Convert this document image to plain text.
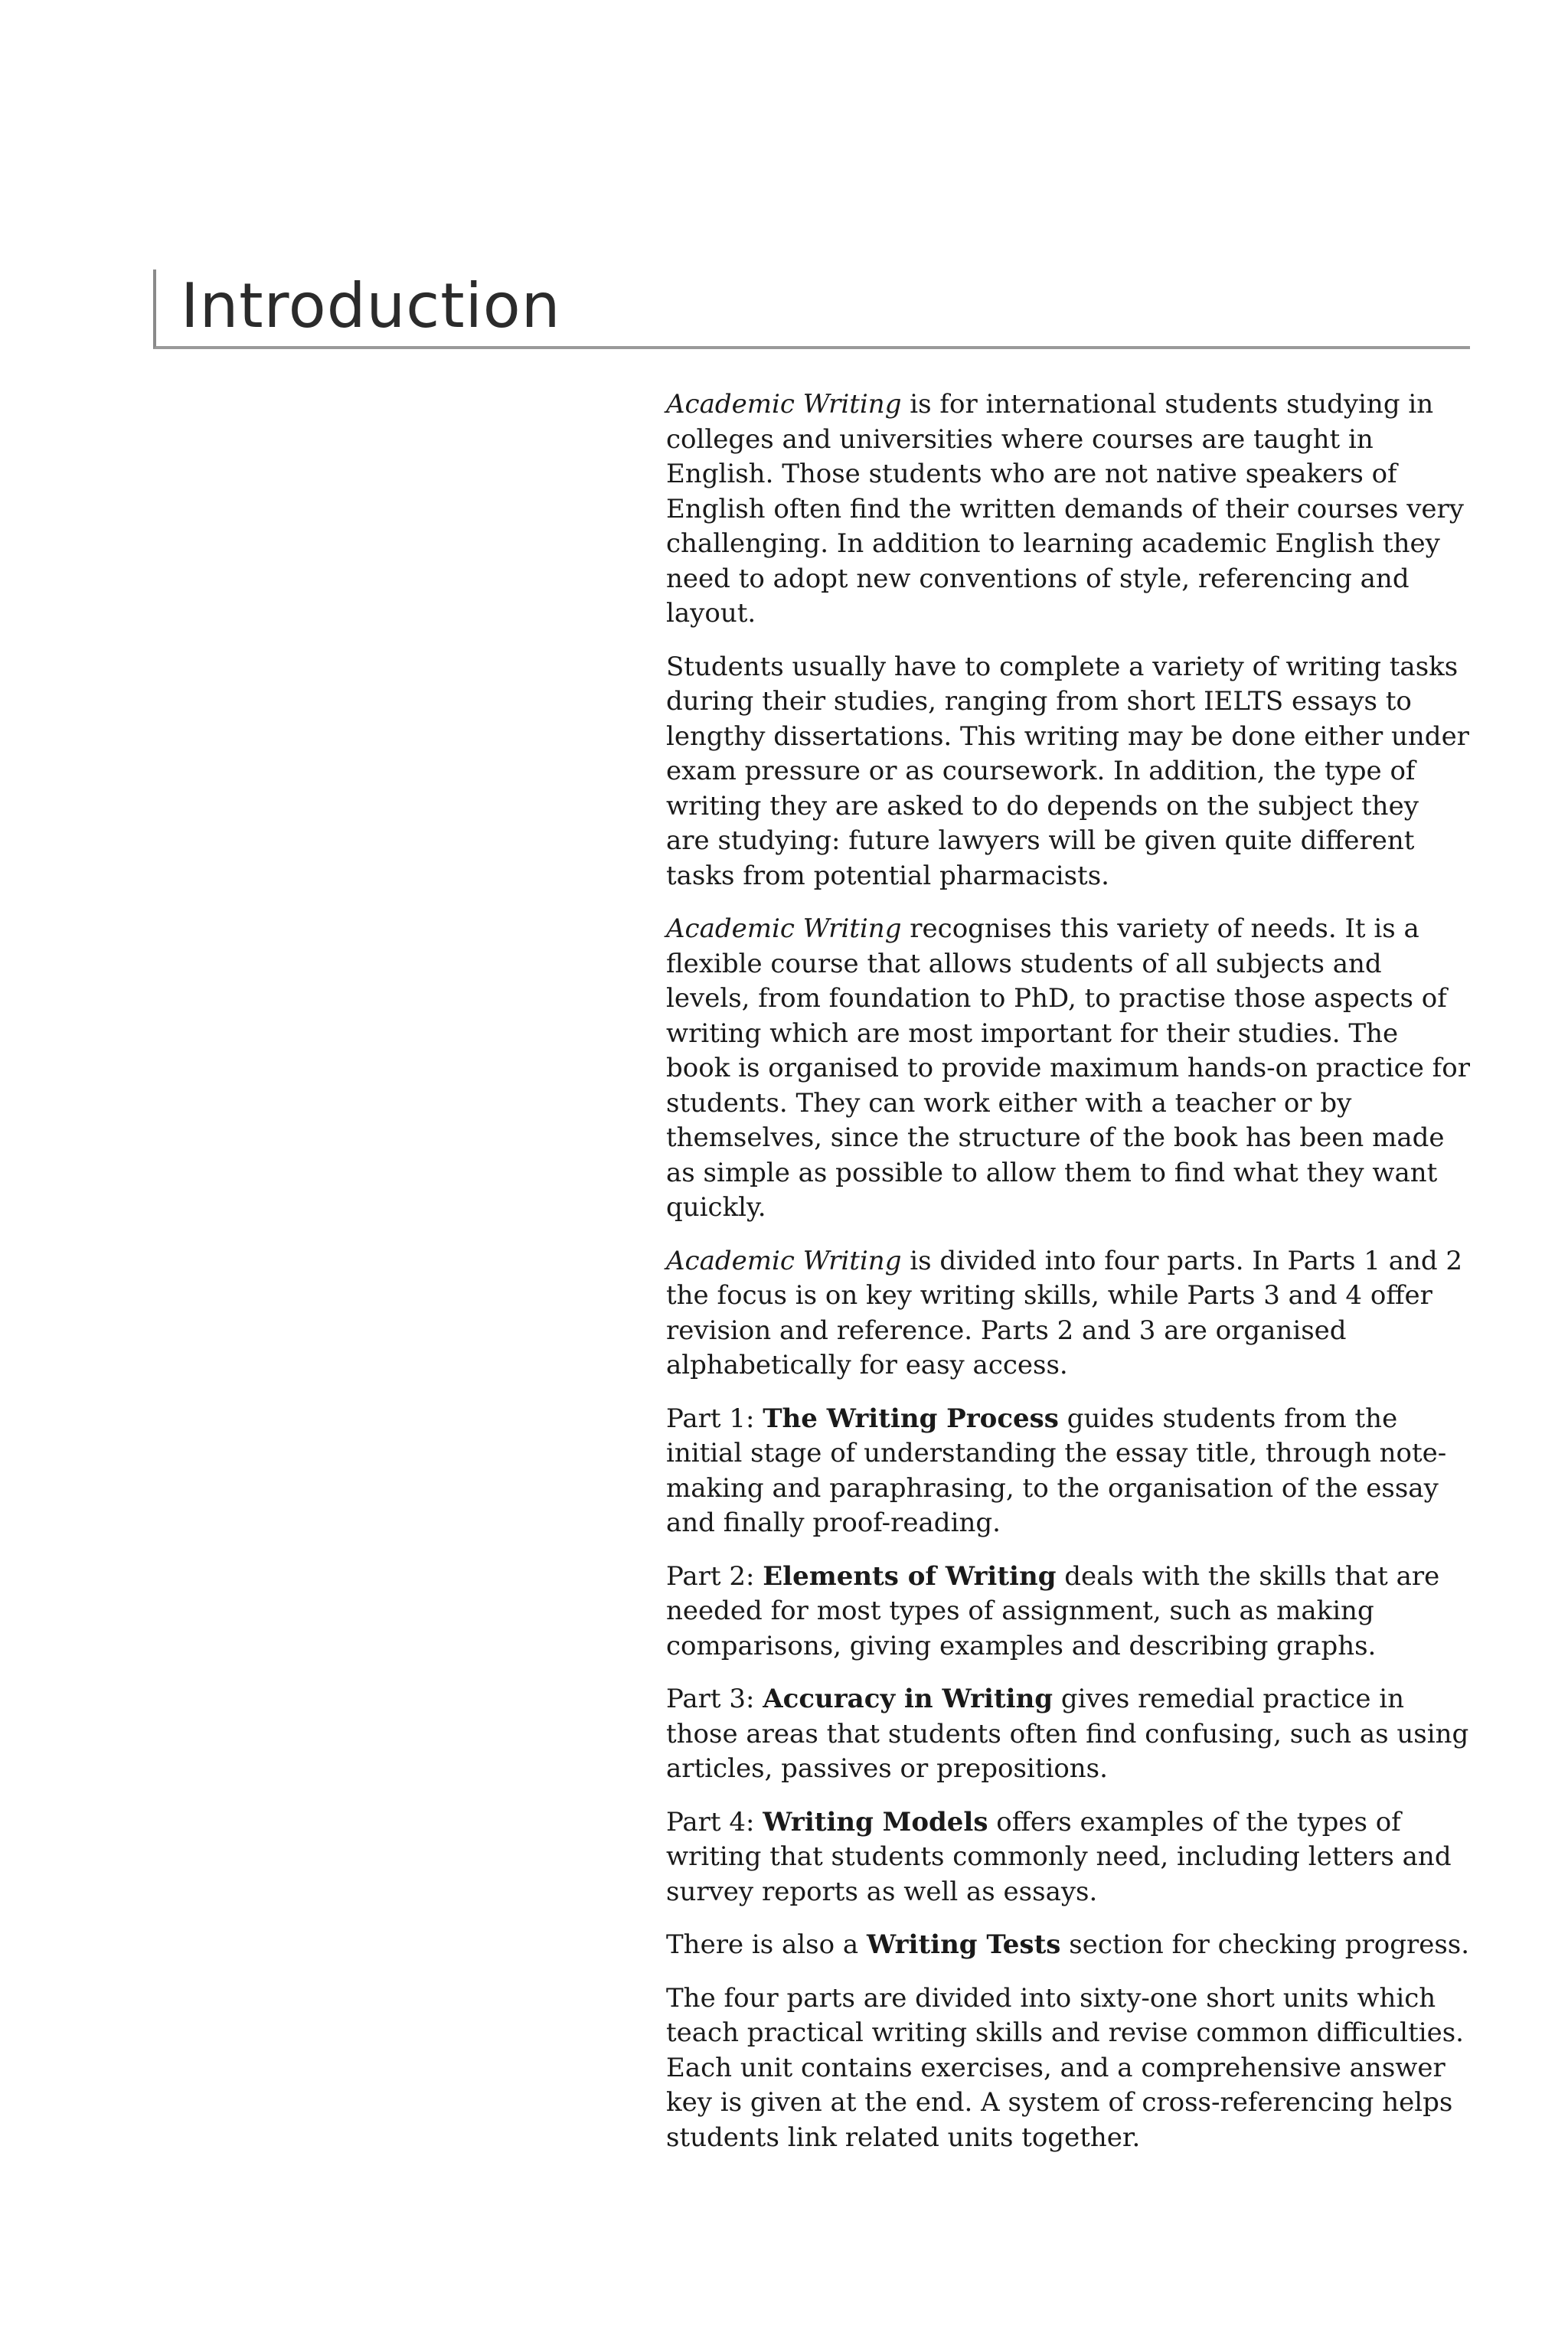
Introduction

Academic Writing is for international students studying in colleges and universities where courses are taught in English. Those students who are not native speakers of English often find the written demands of their courses very challenging. In addition to learning academic English they need to adopt new conventions of style, referencing and layout.

Students usually have to complete a variety of writing tasks during their studies, ranging from short IELTS essays to lengthy dissertations. This writing may be done either under exam pressure or as coursework. In addition, the type of writing they are asked to do depends on the subject they are studying: future lawyers will be given quite different tasks from potential pharmacists.

Academic Writing recognises this variety of needs. It is a flexible course that allows students of all subjects and levels, from foundation to PhD, to practise those aspects of writing which are most important for their studies. The book is organised to provide maximum hands-on practice for students. They can work either with a teacher or by themselves, since the structure of the book has been made as simple as possible to allow them to find what they want quickly.

Academic Writing is divided into four parts. In Parts 1 and 2 the focus is on key writing skills, while Parts 3 and 4 offer revision and reference. Parts 2 and 3 are organised alphabetically for easy access.

Part 1: The Writing Process guides students from the initial stage of understanding the essay title, through note-making and paraphrasing, to the organisation of the essay and finally proof-reading.

Part 2: Elements of Writing deals with the skills that are needed for most types of assignment, such as making comparisons, giving examples and describing graphs.

Part 3: Accuracy in Writing gives remedial practice in those areas that students often find confusing, such as using articles, passives or prepositions.

Part 4: Writing Models offers examples of the types of writing that students commonly need, including letters and survey reports as well as essays.

There is also a Writing Tests section for checking progress.

The four parts are divided into sixty-one short units which teach practical writing skills and revise common difficulties. Each unit contains exercises, and a comprehensive answer key is given at the end. A system of cross-referencing helps students link related units together.
